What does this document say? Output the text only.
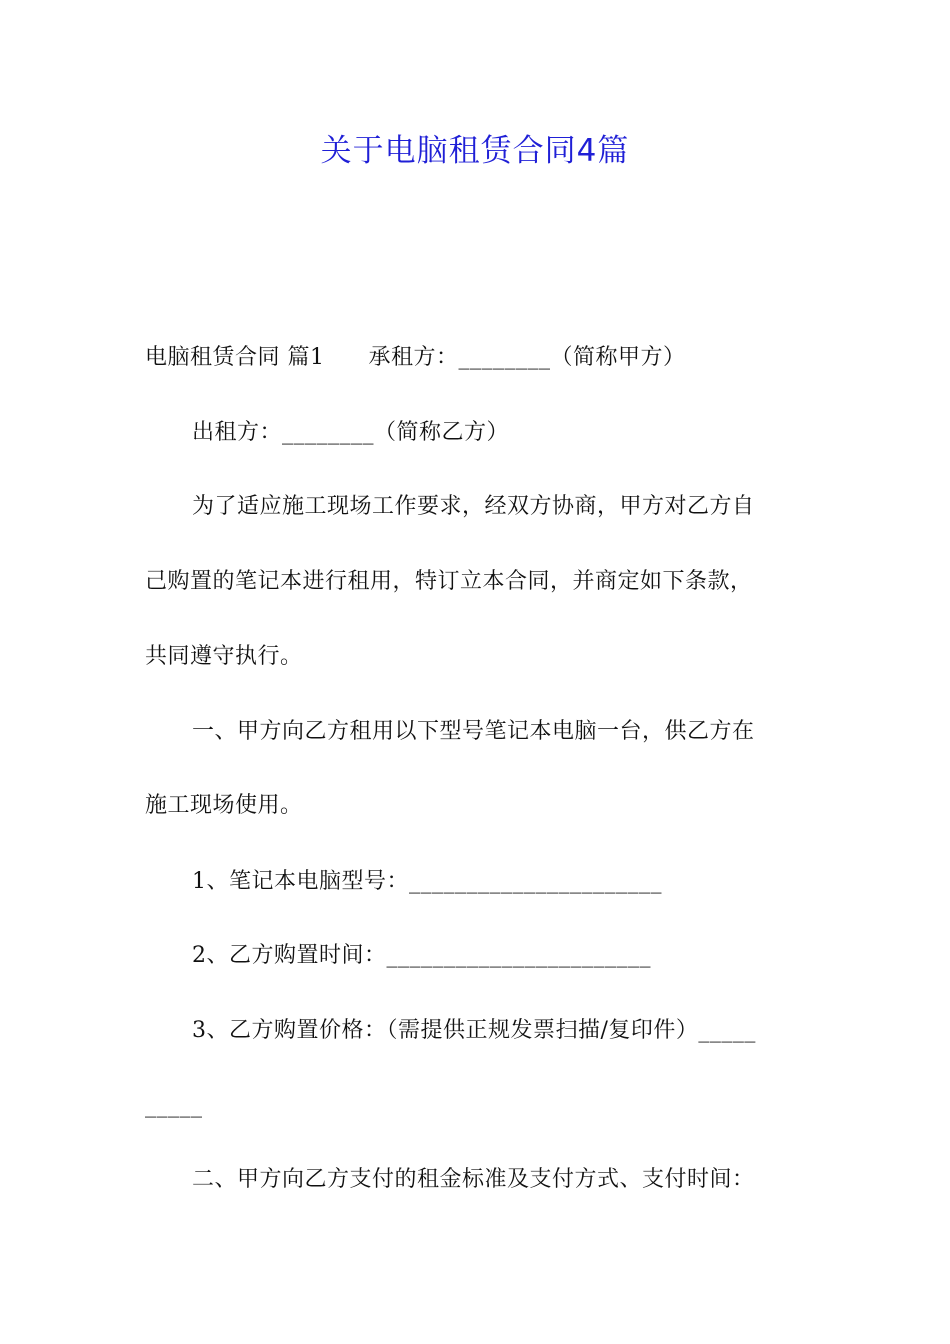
关于电脑租赁合同4篇
电脑租赁合同 篇1 承租方：________（简称甲方）
出租方：________（简称乙方）
为了适应施工现场工作要求，经双方协商，甲方对乙方自
己购置的笔记本进行租用，特订立本合同，并商定如下条款，
共同遵守执行。
一、甲方向乙方租用以下型号笔记本电脑一台，供乙方在
施工现场使用。
1、笔记本电脑型号：______________________
2、乙方购置时间：_______________________
3、乙方购置价格：（需提供正规发票扫描/复印件）_____
_____
二、甲方向乙方支付的租金标准及支付方式、支付时间：
